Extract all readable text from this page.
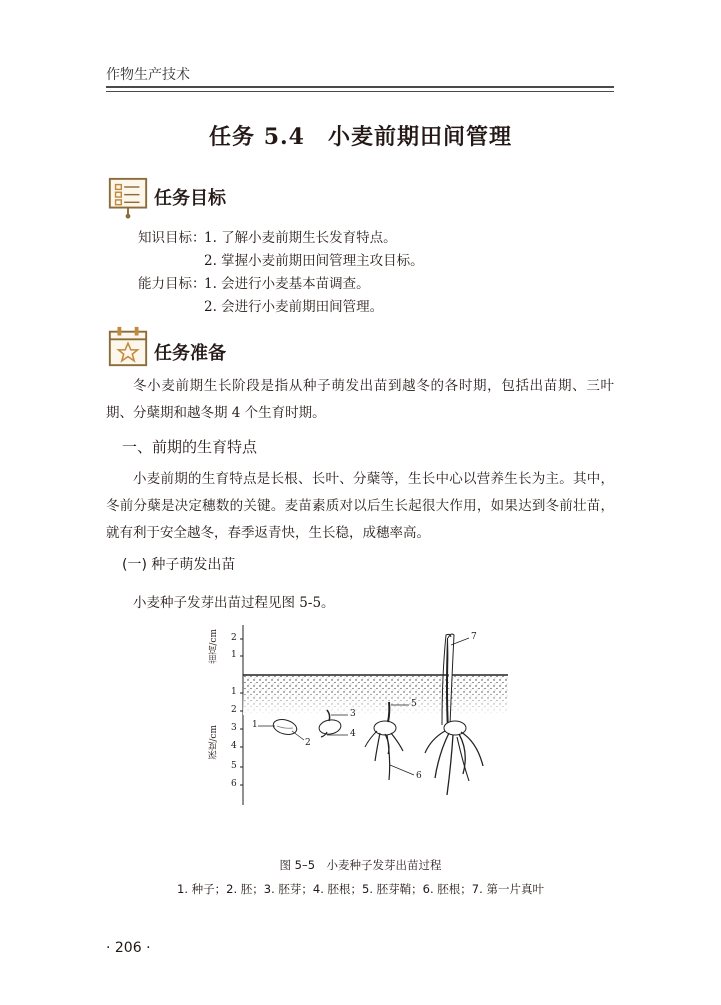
作物生产技术
任务 5.4　小麦前期田间管理
任务目标
知识目标：
1. 了解小麦前期生长发育特点。
2. 掌握小麦前期田间管理主攻目标。
能力目标：
1. 会进行小麦基本苗调查。
2. 会进行小麦前期田间管理。
任务准备
冬小麦前期生长阶段是指从种子萌发出苗到越冬的各时期，包括出苗期、三叶期、分蘖期和越冬期 4 个生育时期。
一、前期的生育特点
小麦前期的生育特点是长根、长叶、分蘖等，生长中心以营养生长为主。其中，冬前分蘖是决定穗数的关键。麦苗素质对以后生长起很大作用，如果达到冬前壮苗，就有利于安全越冬，春季返青快，生长稳，成穗率高。
(一) 种子萌发出苗
小麦种子发芽出苗过程见图 5-5。
苗高/cm
深度/cm
2
1
1
2
3
4
5
6
1
2
3
4
5
6
7
图 5–5　小麦种子发芽出苗过程
1. 种子；2. 胚；3. 胚芽；4. 胚根；5. 胚芽鞘；6. 胚根；7. 第一片真叶
· 206 ·
